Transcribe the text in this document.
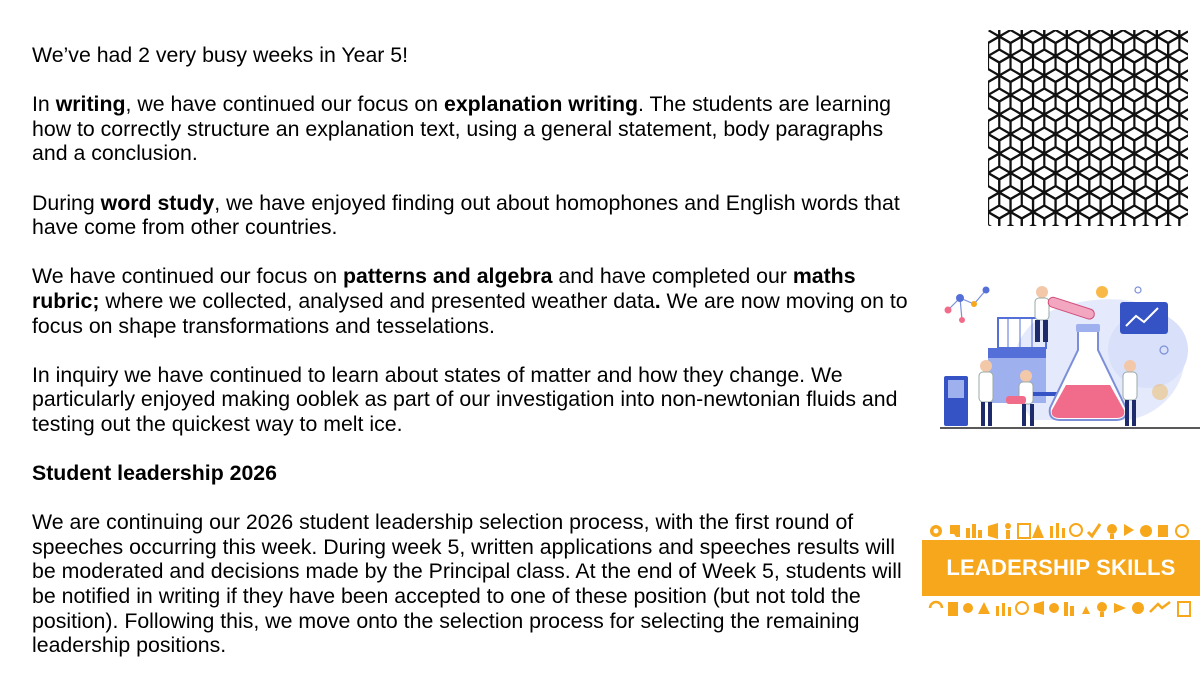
We’ve had 2 very busy weeks in Year 5!

In writing, we have continued our focus on explanation writing. The students are learning how to correctly structure an explanation text, using a general statement, body paragraphs and a conclusion.

During word study, we have enjoyed finding out about homophones and English words that have come from other countries.

We have continued our focus on patterns and algebra and have completed our maths rubric; where we collected, analysed and presented weather data. We are now moving on to focus on shape transformations and tesselations.

In inquiry we have continued to learn about states of matter and how they change. We particularly enjoyed making ooblek as part of our investigation into non-newtonian fluids and testing out the quickest way to melt ice.

Student leadership 2026

We are continuing our 2026 student leadership selection process, with the first round of speeches occurring this week. During week 5, written applications and speeches results will be moderated and decisions made by the Principal class. At the end of Week 5, students will be notified in writing if they have been accepted to one of these position (but not told the position). Following this, we move onto the selection process for selecting the remaining leadership positions.

LEADERSHIP SKILLS
